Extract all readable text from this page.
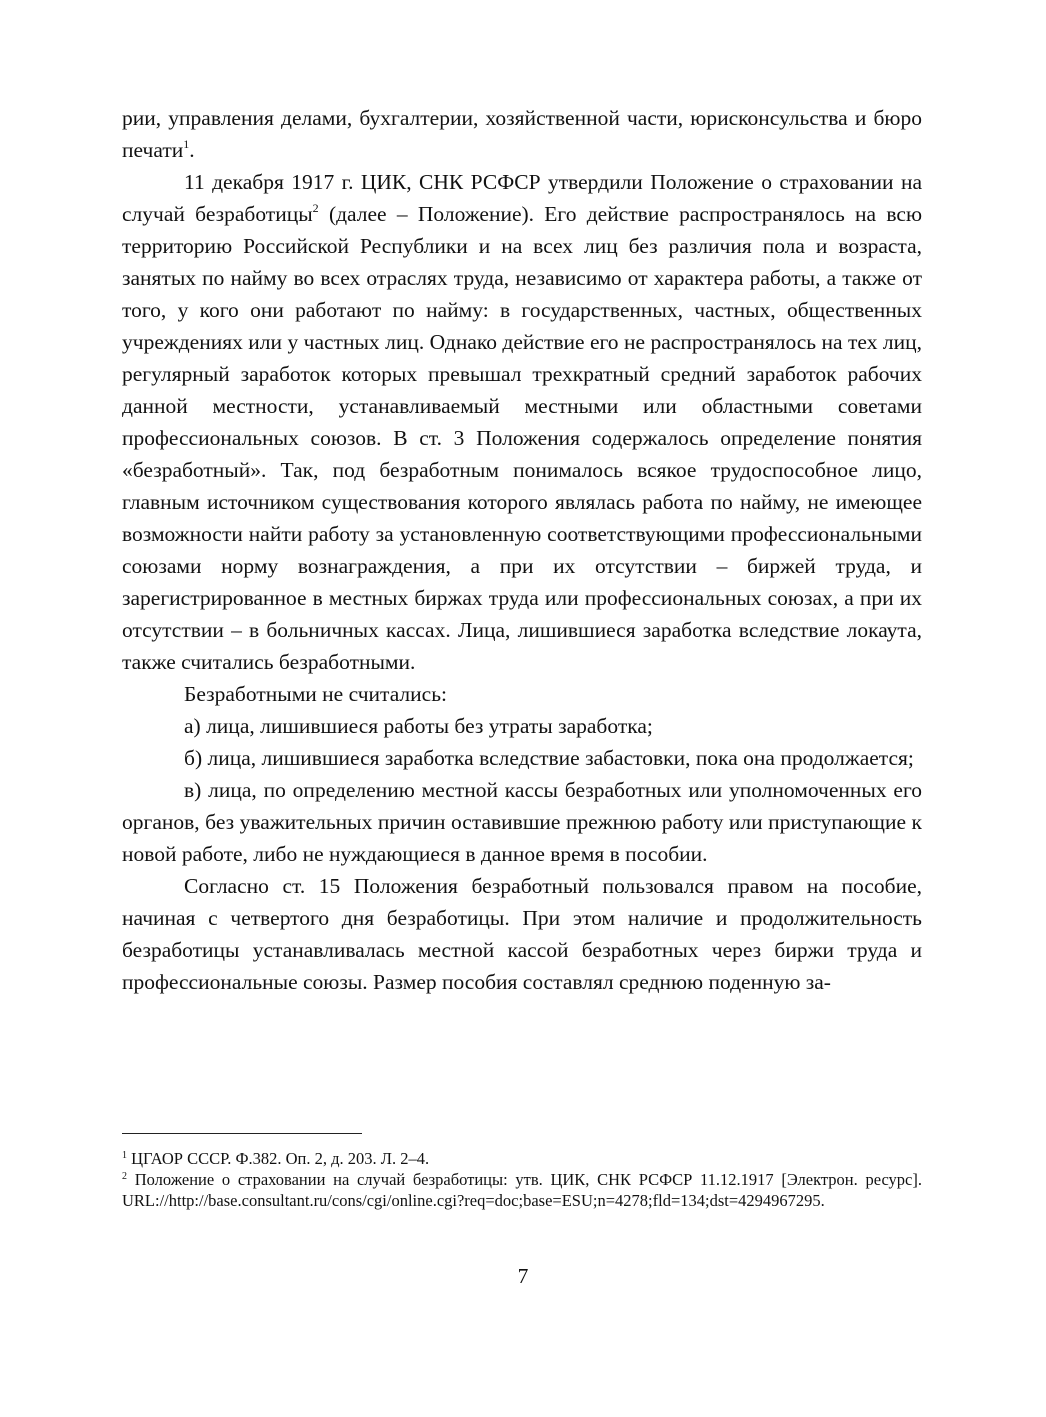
рии, управления делами, бухгалтерии, хозяйственной части, юрисконсульства и бюро печати$^1$.

11 декабря 1917 г. ЦИК, СНК РСФСР утвердили Положение о страховании на случай безработицы$^2$ (далее – Положение). Его действие распространялось на всю территорию Российской Республики и на всех лиц без различия пола и возраста, занятых по найму во всех отраслях труда, независимо от характера работы, а также от того, у кого они работают по найму: в государственных, частных, общественных учреждениях или у частных лиц. Однако действие его не распространялось на тех лиц, регулярный заработок которых превышал трехкратный средний заработок рабочих данной местности, устанавливаемый местными или областными советами профессиональных союзов. В ст. 3 Положения содержалось определение понятия «безработный». Так, под безработным понималось всякое трудоспособное лицо, главным источником существования которого являлась работа по найму, не имеющее возможности найти работу за установленную соответствующими профессиональными союзами норму вознаграждения, а при их отсутствии – биржей труда, и зарегистрированное в местных биржах труда или профессиональных союзах, а при их отсутствии – в больничных кассах. Лица, лишившиеся заработка вследствие локаута, также считались безработными.

Безработными не считались:

а) лица, лишившиеся работы без утраты заработка;

б) лица, лишившиеся заработка вследствие забастовки, пока она продолжается;

в) лица, по определению местной кассы безработных или уполномоченных его органов, без уважительных причин оставившие прежнюю работу или приступающие к новой работе, либо не нуждающиеся в данное время в пособии.

Согласно ст. 15 Положения безработный пользовался правом на пособие, начиная с четвертого дня безработицы. При этом наличие и продолжительность безработицы устанавливалась местной кассой безработных через биржи труда и профессиональные союзы. Размер пособия составлял среднюю поденную за-

$^1$ ЦГАОР СССР. Ф.382. Оп. 2, д. 203. Л. 2–4.

$^2$ Положение о страховании на случай безработицы: утв. ЦИК, СНК РСФСР 11.12.1917 [Электрон. ресурс]. URL://http://base.consultant.ru/cons/cgi/online.cgi?req=doc;base=ESU;n=4278;fld=134;dst=4294967295.

7
